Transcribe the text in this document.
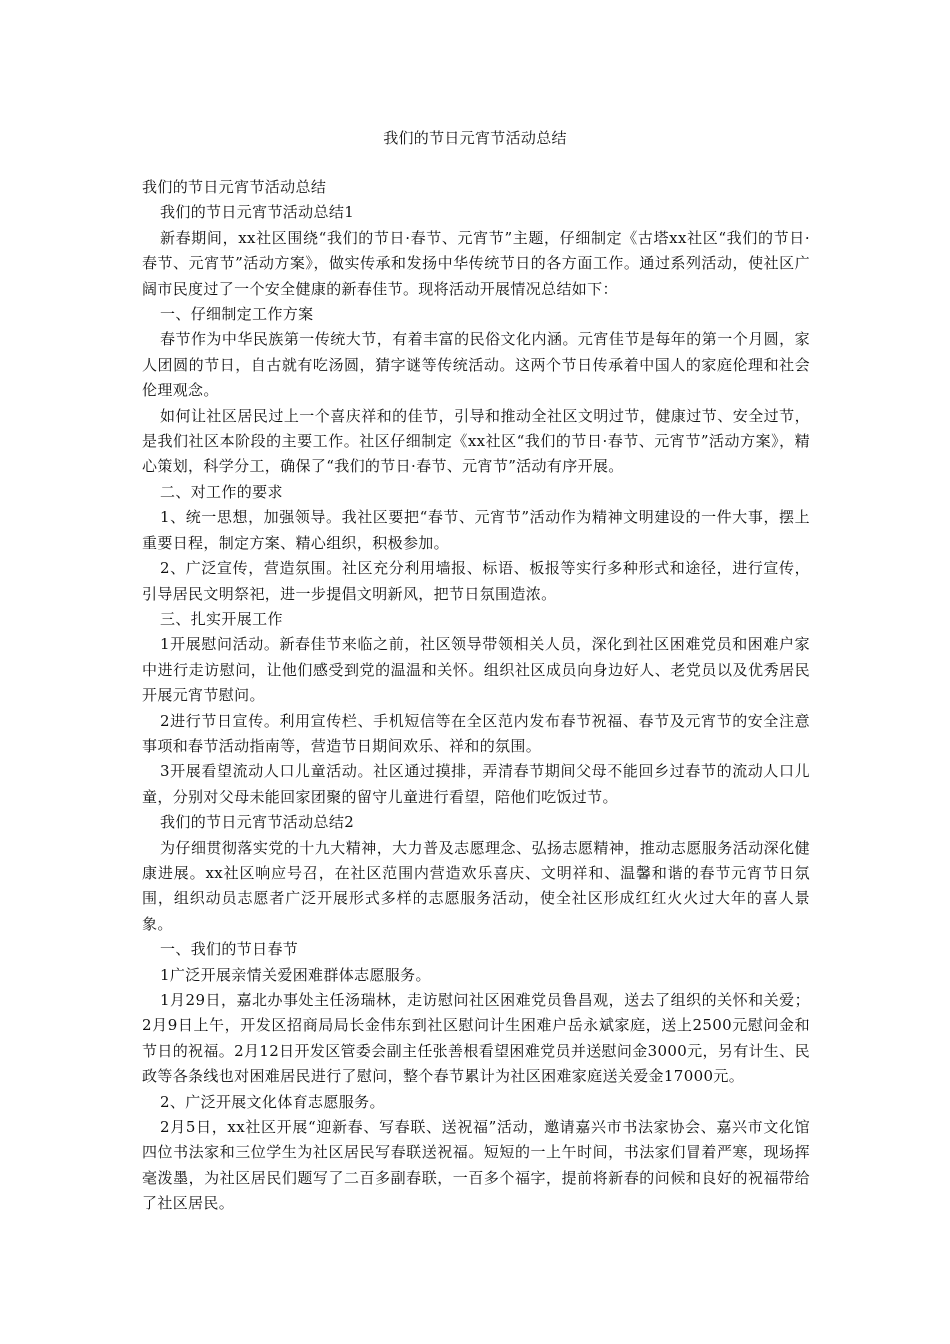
我们的节日元宵节活动总结

我们的节日元宵节活动总结

我们的节日元宵节活动总结1

新春期间，xx社区围绕“我们的节日·春节、元宵节”主题，仔细制定《古塔xx社区“我们的节日·春节、元宵节”活动方案》，做实传承和发扬中华传统节日的各方面工作。通过系列活动，使社区广阔市民度过了一个安全健康的新春佳节。现将活动开展情况总结如下：

一、仔细制定工作方案

春节作为中华民族第一传统大节，有着丰富的民俗文化内涵。元宵佳节是每年的第一个月圆，家人团圆的节日，自古就有吃汤圆，猜字谜等传统活动。这两个节日传承着中国人的家庭伦理和社会伦理观念。

如何让社区居民过上一个喜庆祥和的佳节，引导和推动全社区文明过节，健康过节、安全过节，是我们社区本阶段的主要工作。社区仔细制定《xx社区“我们的节日·春节、元宵节”活动方案》，精心策划，科学分工，确保了“我们的节日·春节、元宵节”活动有序开展。

二、对工作的要求

1、统一思想，加强领导。我社区要把“春节、元宵节”活动作为精神文明建设的一件大事，摆上重要日程，制定方案、精心组织，积极参加。

2、广泛宣传，营造氛围。社区充分利用墙报、标语、板报等实行多种形式和途径，进行宣传，引导居民文明祭祀，进一步提倡文明新风，把节日氛围造浓。

三、扎实开展工作

1开展慰问活动。新春佳节来临之前，社区领导带领相关人员，深化到社区困难党员和困难户家中进行走访慰问，让他们感受到党的温温和关怀。组织社区成员向身边好人、老党员以及优秀居民开展元宵节慰问。

2进行节日宣传。利用宣传栏、手机短信等在全区范内发布春节祝福、春节及元宵节的安全注意事项和春节活动指南等，营造节日期间欢乐、祥和的氛围。

3开展看望流动人口儿童活动。社区通过摸排，弄清春节期间父母不能回乡过春节的流动人口儿童，分别对父母未能回家团聚的留守儿童进行看望，陪他们吃饭过节。

我们的节日元宵节活动总结2

为仔细贯彻落实党的十九大精神，大力普及志愿理念、弘扬志愿精神，推动志愿服务活动深化健康进展。xx社区响应号召，在社区范围内营造欢乐喜庆、文明祥和、温馨和谐的春节元宵节日氛围，组织动员志愿者广泛开展形式多样的志愿服务活动，使全社区形成红红火火过大年的喜人景象。

一、我们的节日春节

1广泛开展亲情关爱困难群体志愿服务。

1月29日，嘉北办事处主任汤瑞林，走访慰问社区困难党员鲁昌观，送去了组织的关怀和关爱；2月9日上午，开发区招商局局长金伟东到社区慰问计生困难户岳永斌家庭，送上2500元慰问金和节日的祝福。2月12日开发区管委会副主任张善根看望困难党员并送慰问金3000元，另有计生、民政等各条线也对困难居民进行了慰问，整个春节累计为社区困难家庭送关爱金17000元。

2、广泛开展文化体育志愿服务。

2月5日，xx社区开展“迎新春、写春联、送祝福”活动，邀请嘉兴市书法家协会、嘉兴市文化馆四位书法家和三位学生为社区居民写春联送祝福。短短的一上午时间，书法家们冒着严寒，现场挥毫泼墨，为社区居民们题写了二百多副春联，一百多个福字，提前将新春的问候和良好的祝福带给了社区居民。
